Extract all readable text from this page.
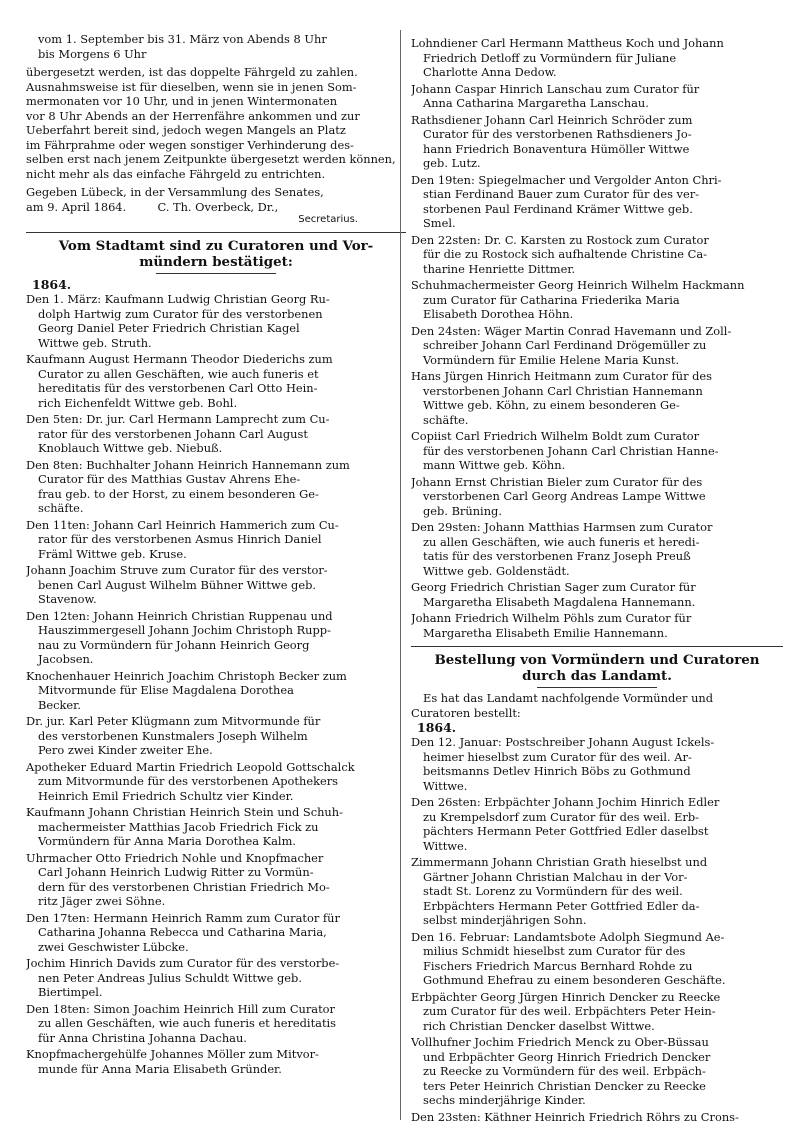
vom 1. September bis 31. März von Abends 8 Uhr

bis Morgens 6 Uhr

übergesetzt werden, ist das doppelte Fährgeld zu zahlen.

Ausnahmsweise ist für dieselben, wenn sie in jenen Som-

mermonaten vor 10 Uhr, und in jenen Wintermonaten

vor 8 Uhr Abends an der Herrenfähre ankommen und zur

Ueberfahrt bereit sind, jedoch wegen Mangels an Platz

im Fährprahme oder wegen sonstiger Verhinderung des-

selben erst nach jenem Zeitpunkte übergesetzt werden können,

nicht mehr als das einfache Fährgeld zu entrichten.

Gegeben Lübeck, in der Versammlung des Senates,

am 9. April 1864.	C. Th. Overbeck, Dr.,

Secretarius.

Vom Stadtamt sind zu Curatoren und Vor-

mündern bestätiget:

1864.

Den 1. März: Kaufmann Ludwig Christian Georg Ru-

dolph Hartwig zum Curator für des verstorbenen

Georg Daniel Peter Friedrich Christian Kagel

Wittwe geb. Struth.

Kaufmann August Hermann Theodor Diederichs zum

Curator zu allen Geschäften, wie auch funeris et

hereditatis für des verstorbenen Carl Otto Hein-

rich Eichenfeldt Wittwe geb. Bohl.

Den 5ten: Dr. jur. Carl Hermann Lamprecht zum Cu-

rator für des verstorbenen Johann Carl August

Knoblauch Wittwe geb. Niebuß.

Den 8ten: Buchhalter Johann Heinrich Hannemann zum

Curator für des Matthias Gustav Ahrens Ehe-

frau geb. to der Horst, zu einem besonderen Ge-

schäfte.

Den 11ten: Johann Carl Heinrich Hammerich zum Cu-

rator für des verstorbenen Asmus Hinrich Daniel

Främl Wittwe geb. Kruse.

Johann Joachim Struve zum Curator für des verstor-

benen Carl August Wilhelm Bühner Wittwe geb.

Stavenow.

Den 12ten: Johann Heinrich Christian Ruppenau und

Hauszimmergesell Johann Jochim Christoph Rupp-

nau zu Vormündern für Johann Heinrich Georg

Jacobsen.

Knochenhauer Heinrich Joachim Christoph Becker zum

Mitvormunde für Elise Magdalena Dorothea

Becker.

Dr. jur. Karl Peter Klügmann zum Mitvormunde für

des verstorbenen Kunstmalers Joseph Wilhelm

Pero zwei Kinder zweiter Ehe.

Apotheker Eduard Martin Friedrich Leopold Gottschalck

zum Mitvormunde für des verstorbenen Apothekers

Heinrich Emil Friedrich Schultz vier Kinder.

Kaufmann Johann Christian Heinrich Stein und Schuh-

machermeister Matthias Jacob Friedrich Fick zu

Vormündern für Anna Maria Dorothea Kalm.

Uhrmacher Otto Friedrich Nohle und Knopfmacher

Carl Johann Heinrich Ludwig Ritter zu Vormün-

dern für des verstorbenen Christian Friedrich Mo-

ritz Jäger zwei Söhne.

Den 17ten: Hermann Heinrich Ramm zum Curator für

Catharina Johanna Rebecca und Catharina Maria,

zwei Geschwister Lübcke.

Jochim Hinrich Davids zum Curator für des verstorbe-

nen Peter Andreas Julius Schuldt Wittwe geb.

Biertimpel.

Den 18ten: Simon Joachim Heinrich Hill zum Curator

zu allen Geschäften, wie auch funeris et hereditatis

für Anna Christina Johanna Dachau.

Knopfmachergehülfe Johannes Möller zum Mitvor-

munde für Anna Maria Elisabeth Gründer.

Lohndiener Carl Hermann Mattheus Koch und Johann

Friedrich Detloff zu Vormündern für Juliane

Charlotte Anna Dedow.

Johann Caspar Hinrich Lanschau zum Curator für

Anna Catharina Margaretha Lanschau.

Rathsdiener Johann Carl Heinrich Schröder zum

Curator für des verstorbenen Rathsdieners Jo-

hann Friedrich Bonaventura Hümöller Wittwe

geb. Lutz.

Den 19ten: Spiegelmacher und Vergolder Anton Chri-

stian Ferdinand Bauer zum Curator für des ver-

storbenen Paul Ferdinand Krämer Wittwe geb.

Smel.

Den 22sten: Dr. C. Karsten zu Rostock zum Curator

für die zu Rostock sich aufhaltende Christine Ca-

tharine Henriette Dittmer.

Schuhmachermeister Georg Heinrich Wilhelm Hackmann

zum Curator für Catharina Friederika Maria

Elisabeth Dorothea Höhn.

Den 24sten: Wäger Martin Conrad Havemann und Zoll-

schreiber Johann Carl Ferdinand Drögemüller zu

Vormündern für Emilie Helene Maria Kunst.

Hans Jürgen Hinrich Heitmann zum Curator für des

verstorbenen Johann Carl Christian Hannemann

Wittwe geb. Köhn, zu einem besonderen Ge-

schäfte.

Copiist Carl Friedrich Wilhelm Boldt zum Curator

für des verstorbenen Johann Carl Christian Hanne-

mann Wittwe geb. Köhn.

Johann Ernst Christian Bieler zum Curator für des

verstorbenen Carl Georg Andreas Lampe Wittwe

geb. Brüning.

Den 29sten: Johann Matthias Harmsen zum Curator

zu allen Geschäften, wie auch funeris et heredi-

tatis für des verstorbenen Franz Joseph Preuß

Wittwe geb. Goldenstädt.

Georg Friedrich Christian Sager zum Curator für

Margaretha Elisabeth Magdalena Hannemann.

Johann Friedrich Wilhelm Pöhls zum Curator für

Margaretha Elisabeth Emilie Hannemann.

Bestellung von Vormündern und Curatoren

durch das Landamt.

Es hat das Landamt nachfolgende Vormünder und

Curatoren bestellt:

1864.

Den 12. Januar: Postschreiber Johann August Ickels-

heimer hieselbst zum Curator für des weil. Ar-

beitsmanns Detlev Hinrich Böbs zu Gothmund

Wittwe.

Den 26sten: Erbpächter Johann Jochim Hinrich Edler

zu Krempelsdorf zum Curator für des weil. Erb-

pächters Hermann Peter Gottfried Edler daselbst

Wittwe.

Zimmermann Johann Christian Grath hieselbst und

Gärtner Johann Christian Malchau in der Vor-

stadt St. Lorenz zu Vormündern für des weil.

Erbpächters Hermann Peter Gottfried Edler da-

selbst minderjährigen Sohn.

Den 16. Februar: Landamtsbote Adolph Siegmund Ae-

milius Schmidt hieselbst zum Curator für des

Fischers Friedrich Marcus Bernhard Rohde zu

Gothmund Ehefrau zu einem besonderen Geschäfte.

Erbpächter Georg Jürgen Hinrich Dencker zu Reecke

zum Curator für des weil. Erbpächters Peter Hein-

rich Christian Dencker daselbst Wittwe.

Vollhufner Jochim Friedrich Menck zu Ober-Büssau

und Erbpächter Georg Hinrich Friedrich Dencker

zu Reecke zu Vormündern für des weil. Erbpäch-

ters Peter Heinrich Christian Dencker zu Reecke

sechs minderjährige Kinder.

Den 23sten: Käthner Heinrich Friedrich Röhrs zu Crons-
